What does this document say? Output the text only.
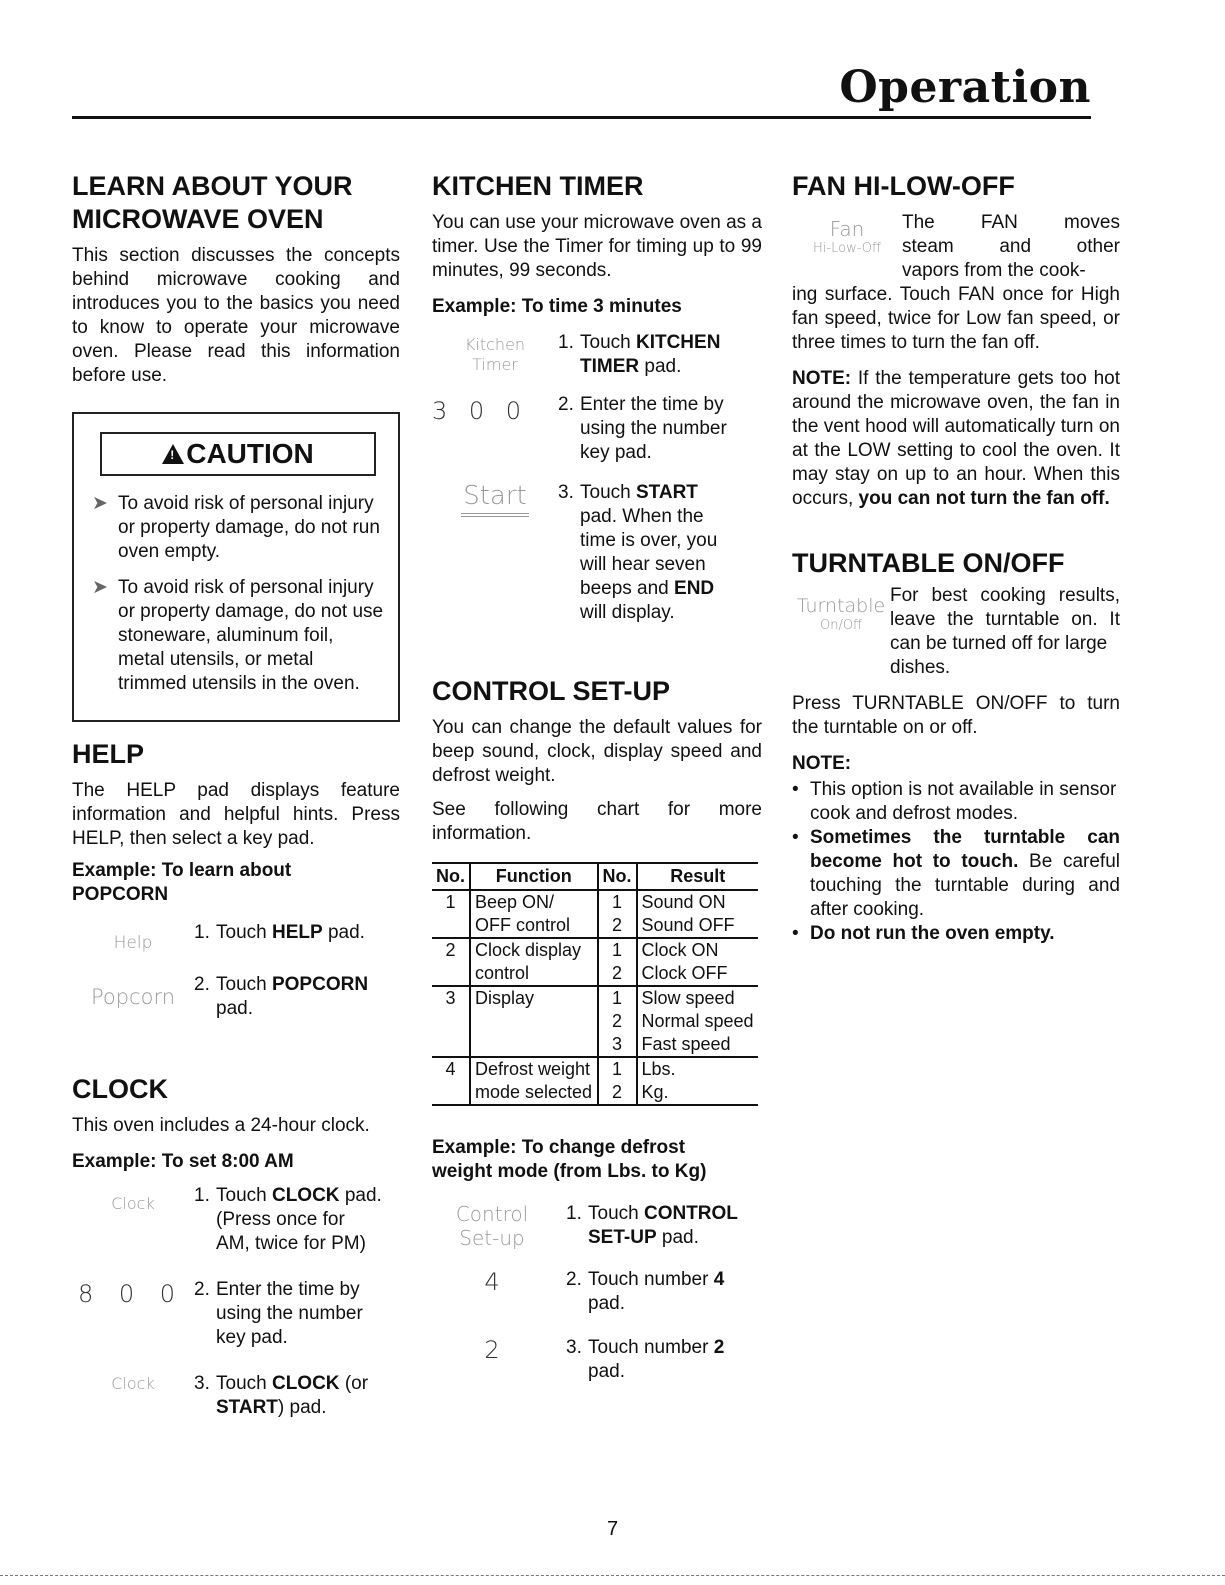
Operation
LEARN ABOUT YOUR
MICROWAVE OVEN

This section discusses the concepts behind microwave cooking and introduces you to the basics you need to know to operate your microwave oven. Please read this information before use.

! CAUTION
➤ To avoid risk of personal injury or property damage, do not run oven empty.
➤ To avoid risk of personal injury or property damage, do not use stoneware, aluminum foil, metal utensils, or metal trimmed utensils in the oven.
HELP

The HELP pad displays feature information and helpful hints. Press HELP, then select a key pad.

Example: To learn about
POPCORN
Help	1. Touch HELP pad.
Popcorn
2. Touch POPCORN
pad.
CLOCK

This oven includes a 24-hour clock.

Example: To set 8:00 AM
Clock	1. Touch CLOCK pad.
(Press once for
AM, twice for PM)
8 0 0 2. Enter the time by
using the number
key pad.
Clock	3. Touch CLOCK (or
START) pad.
KITCHEN TIMER

You can use your microwave oven as a timer. Use the Timer for timing up to 99 minutes, 99 seconds.

Example: To time 3 minutes
Kitchen
Timer
1. Touch KITCHEN
TIMER pad.
3 0 0	2. Enter the time by
using the number
key pad.
Start	3. Touch START
pad. When the
time is over, you
will hear seven
beeps and END
will display.
CONTROL SET-UP

You can change the default values for beep sound, clock, display speed and defrost weight.

See following chart for more information.

No.	Function	No.	Result
1	Beep ON/	1	Sound ON
	OFF control	2	Sound OFF
2	Clock display	1	Clock ON
	control	2	Clock OFF
3	Display	1	Slow speed
		2	Normal speed
		3	Fast speed
4	Defrost weight	1	Lbs.
	mode selected	2	Kg.
Example: To change defrost
weight mode (from Lbs. to Kg)
Control
Set-up
1. Touch CONTROL
SET-UP pad.
4	2. Touch number 4
pad.
2	3. Touch number 2
pad.
FAN HI-LOW-OFF
Fan
Hi-Low-Off
The FAN moves
steam and other
vapors from the cook-

ing surface. Touch FAN once for High fan speed, twice for Low fan speed, or three times to turn the fan off.

NOTE: If the temperature gets too hot around the microwave oven, the fan in the vent hood will automatically turn on at the LOW setting to cool the oven. It may stay on up to an hour. When this occurs, you can not turn the fan off.

TURNTABLE ON/OFF
Turntable
On/Off
For best cooking results,
leave the turntable on. It
can be turned off for large
dishes.

Press TURNTABLE ON/OFF to turn the turntable on or off.

NOTE:
• This option is not available in sensor cook and defrost modes.
• Sometimes the turntable can become hot to touch. Be careful touching the turntable during and after cooking.
• Do not run the oven empty.
7
